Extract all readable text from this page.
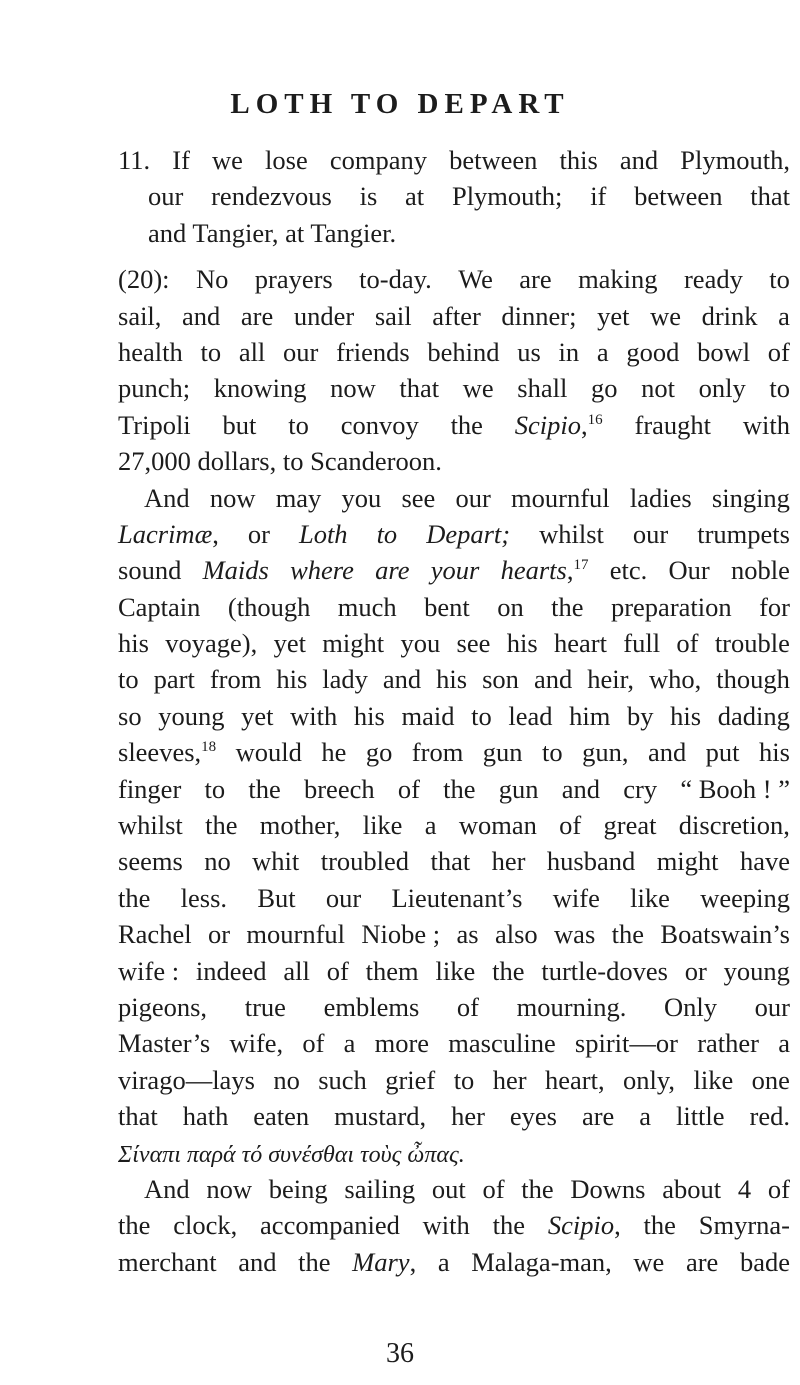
LOTH TO DEPART
11. If we lose company between this and Plymouth,
our rendezvous is at Plymouth; if between that
and Tangier, at Tangier.
(20): No prayers to-day. We are making ready to
sail, and are under sail after dinner; yet we drink a
health to all our friends behind us in a good bowl of
punch; knowing now that we shall go not only to
Tripoli but to convoy the Scipio,$^{16}$ fraught with
27,000 dollars, to Scanderoon.
And now may you see our mournful ladies singing
Lacrimæ, or Loth to Depart; whilst our trumpets
sound Maids where are your hearts,$^{17}$ etc. Our noble
Captain (though much bent on the preparation for
his voyage), yet might you see his heart full of trouble
to part from his lady and his son and heir, who, though
so young yet with his maid to lead him by his dading
sleeves,$^{18}$ would he go from gun to gun, and put his
finger to the breech of the gun and cry “ Booh ! ”
whilst the mother, like a woman of great discretion,
seems no whit troubled that her husband might have
the less. But our Lieutenant’s wife like weeping
Rachel or mournful Niobe ; as also was the Boatswain’s
wife : indeed all of them like the turtle-doves or young
pigeons, true emblems of mourning. Only our
Master’s wife, of a more masculine spirit—or rather a
virago—lays no such grief to her heart, only, like one
that hath eaten mustard, her eyes are a little red.
Σίναπι παρά τό συνέσθαι τοὺς ὦπας.
And now being sailing out of the Downs about 4 of
the clock, accompanied with the Scipio, the Smyrna-
merchant and the Mary, a Malaga-man, we are bade
36
